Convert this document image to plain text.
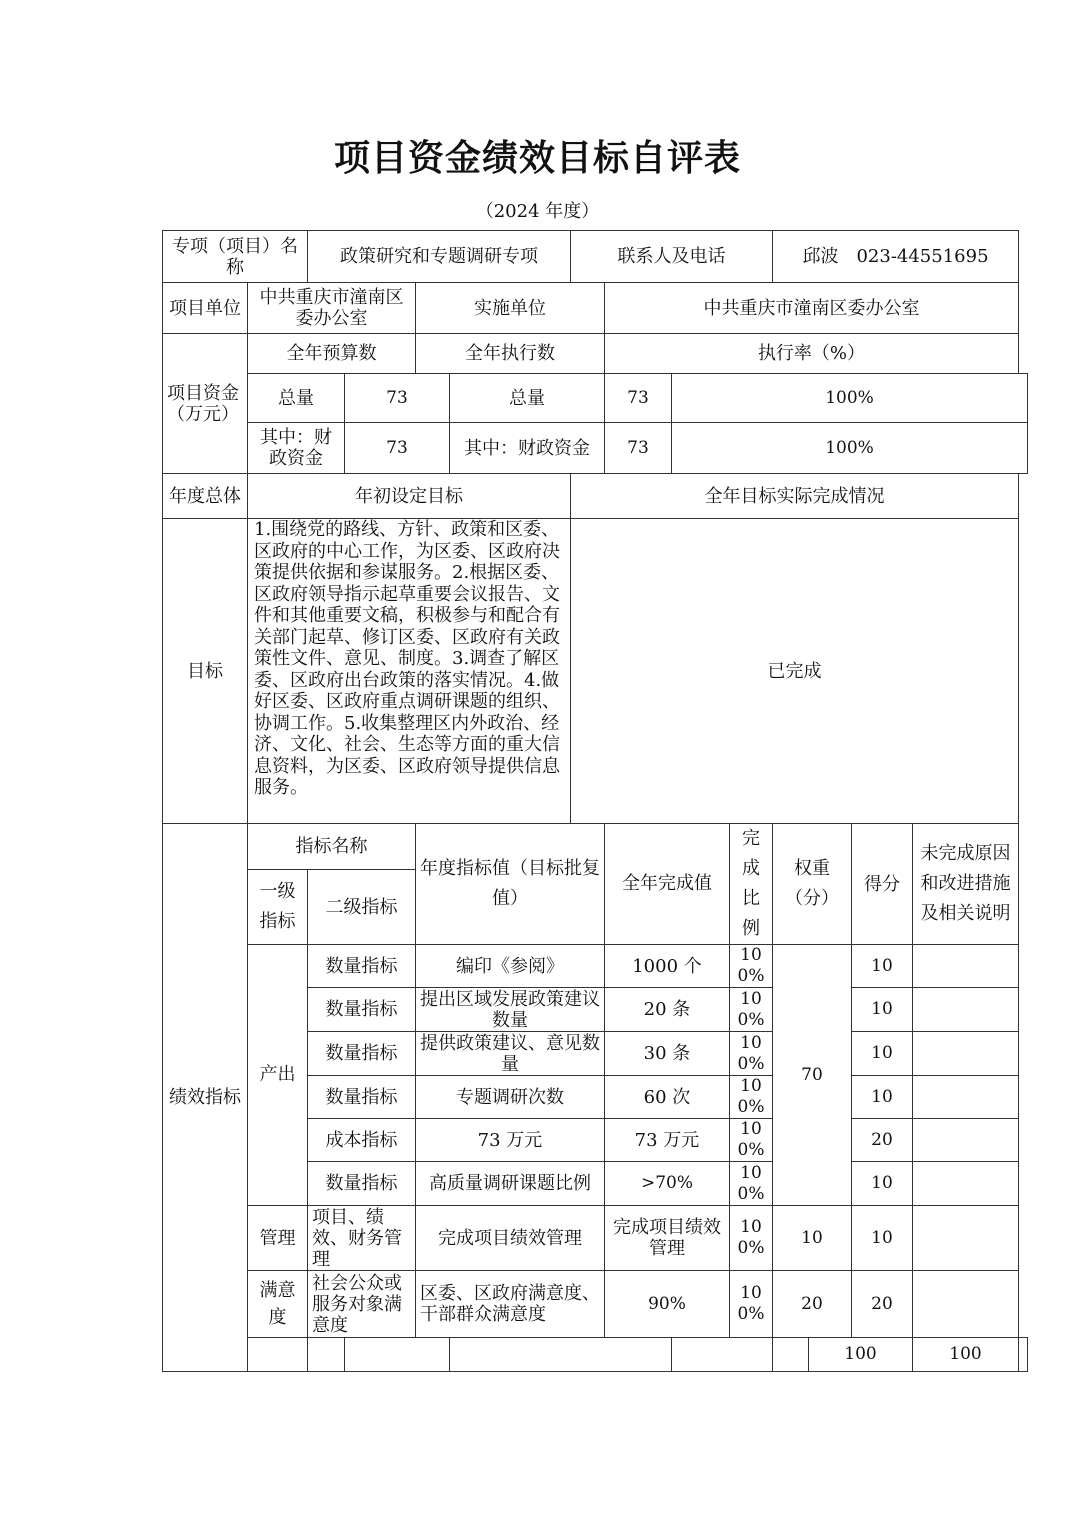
项目资金绩效目标自评表
（2024 年度）
专项（项目）名称		政策研究和专题调研专项				联系人及电话				邱波　023-44551695				
项目单位	中共重庆市潼南区委办公室			实施单位			中共重庆市潼南区委办公室							
项目资金（万元）	全年预算数			全年执行数			执行率（%）							
	总量		73		总量		73	100%						
	其中：财政资金		73		其中：财政资金		73	100%						
年度总体	年初设定目标					全年目标实际完成情况								
目标	1.围绕党的路线、方针、政策和区委、区政府的中心工作，为区委、区政府决策提供依据和参谋服务。2.根据区委、区政府领导指示起草重要会议报告、文件和其他重要文稿，积极参与和配合有关部门起草、修订区委、区政府有关政策性文件、意见、制度。3.调查了解区委、区政府出台政策的落实情况。4.做好区委、区政府重点调研课题的组织、协调工作。5.收集整理区内外政治、经济、文化、社会、生态等方面的重大信息资料，为区委、区政府领导提供信息服务。					已完成								
绩效指标	指标名称			年度指标值（目标批复值）			全年完成值		完成比例	权重（分）		得分	未完成原因和改进措施及相关说明	
	一级指标	二级指标												
	产出	数量指标		编印《参阅》			1000 个		100%	70		10		
		数量指标		提出区域发展政策建议数量			20 条		100%			10		
		数量指标		提供政策建议、意见数量			30 条		100%			10		
		数量指标		专题调研次数			60 次		100%			10		
		成本指标		73 万元			73 万元		100%			20		
		数量指标		高质量调研课题比例			>70%		100%			10		
	管理	项目、绩效、财务管理		完成项目绩效管理			完成项目绩效管理		100%	10		10		
	满意度	社会公众或服务对象满意度		区委、区政府满意度、干部群众满意度			90%		100%	20		20		
											100		100	
